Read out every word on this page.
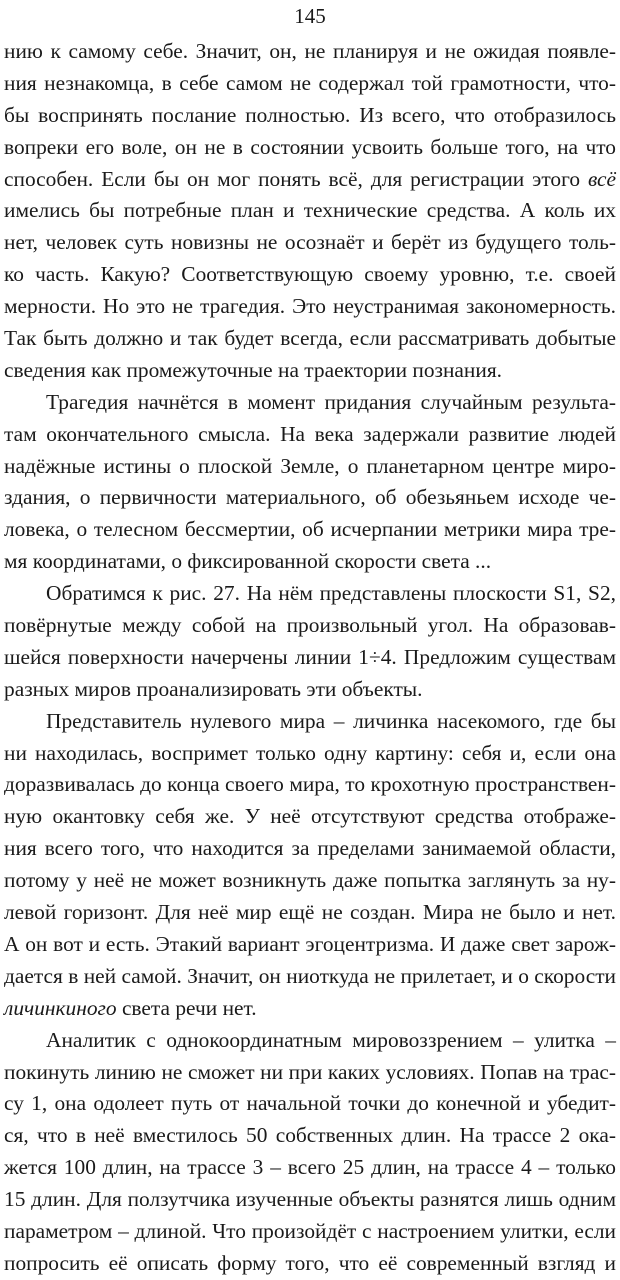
145
нию к самому себе. Значит, он, не планируя и не ожидая появле-
ния незнакомца, в себе самом не содержал той грамотности, что-
бы воспринять послание полностью. Из всего, что отобразилось
вопреки его воле, он не в состоянии усвоить больше того, на что
способен. Если бы он мог понять всё, для регистрации этого всё
имелись бы потребные план и технические средства. А коль их
нет, человек суть новизны не осознаёт и берёт из будущего толь-
ко часть. Какую? Соответствующую своему уровню, т.е. своей
мерности. Но это не трагедия. Это неустранимая закономерность.
Так быть должно и так будет всегда, если рассматривать добытые
сведения как промежуточные на траектории познания.
Трагедия начнётся в момент придания случайным результа-
там окончательного смысла. На века задержали развитие людей
надёжные истины о плоской Земле, о планетарном центре миро-
здания, о первичности материального, об обезьяньем исходе че-
ловека, о телесном бессмертии, об исчерпании метрики мира тре-
мя координатами, о фиксированной скорости света ...
Обратимся к рис. 27. На нём представлены плоскости S1, S2,
повёрнутые между собой на произвольный угол. На образовав-
шейся поверхности начерчены линии 1÷4. Предложим существам
разных миров проанализировать эти объекты.
Представитель нулевого мира – личинка насекомого, где бы
ни находилась, воспримет только одну картину: себя и, если она
доразвивалась до конца своего мира, то крохотную пространствен-
ную окантовку себя же. У неё отсутствуют средства отображе-
ния всего того, что находится за пределами занимаемой области,
потому у неё не может возникнуть даже попытка заглянуть за ну-
левой горизонт. Для неё мир ещё не создан. Мира не было и нет.
А он вот и есть. Этакий вариант эгоцентризма. И даже свет зарож-
дается в ней самой. Значит, он ниоткуда не прилетает, и о скорости
личинкиного света речи нет.
Аналитик с однокоординатным мировоззрением – улитка –
покинуть линию не сможет ни при каких условиях. Попав на трас-
су 1, она одолеет путь от начальной точки до конечной и убедит-
ся, что в неё вместилось 50 собственных длин. На трассе 2 ока-
жется 100 длин, на трассе 3 – всего 25 длин, на трассе 4 – только
15 длин. Для ползутчика изученные объекты разнятся лишь одним
параметром – длиной. Что произойдёт с настроением улитки, если
попросить её описать форму того, что её современный взгляд и
